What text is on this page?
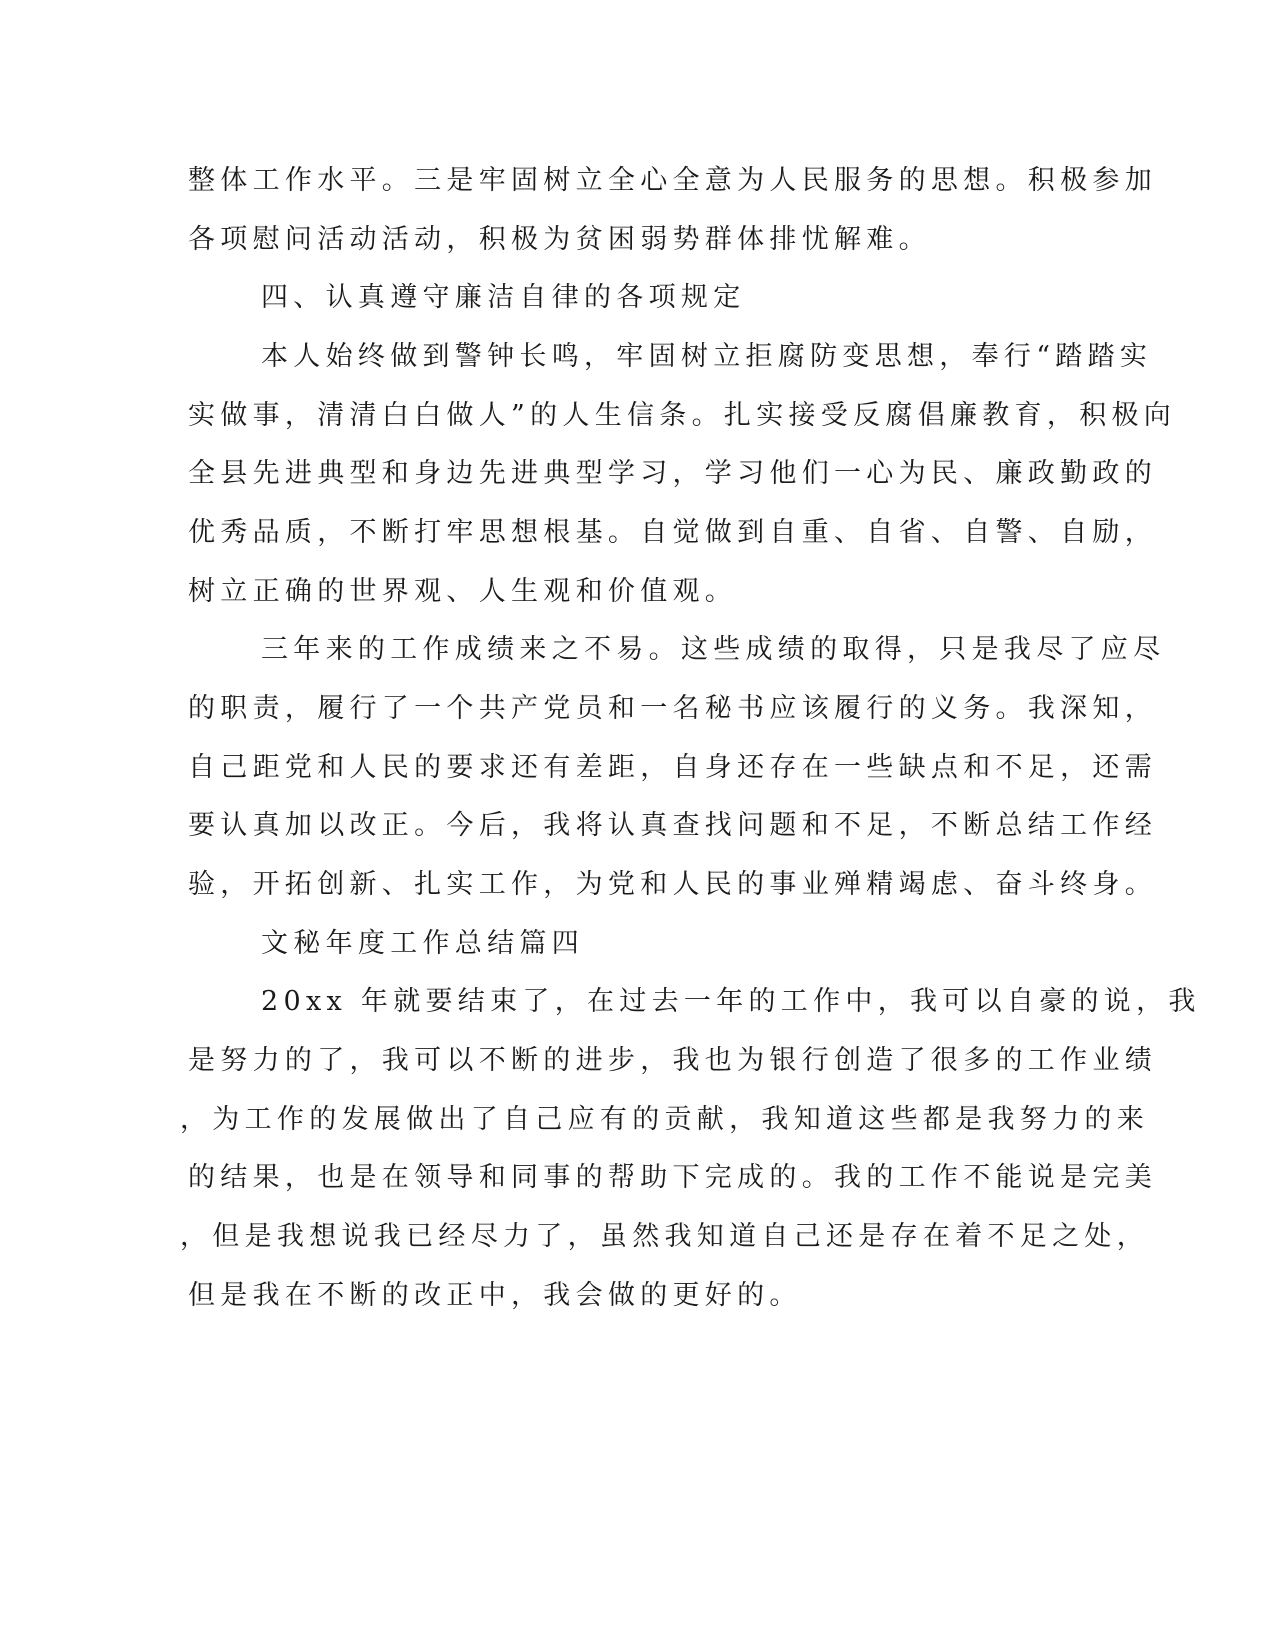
整体工作水平。三是牢固树立全心全意为人民服务的思想。积极参加
各项慰问活动活动，积极为贫困弱势群体排忧解难。
四、认真遵守廉洁自律的各项规定
本人始终做到警钟长鸣，牢固树立拒腐防变思想，奉行“踏踏实
实做事，清清白白做人”的人生信条。扎实接受反腐倡廉教育，积极向
全县先进典型和身边先进典型学习，学习他们一心为民、廉政勤政的
优秀品质，不断打牢思想根基。自觉做到自重、自省、自警、自励，
树立正确的世界观、人生观和价值观。
三年来的工作成绩来之不易。这些成绩的取得，只是我尽了应尽
的职责，履行了一个共产党员和一名秘书应该履行的义务。我深知，
自己距党和人民的要求还有差距，自身还存在一些缺点和不足，还需
要认真加以改正。今后，我将认真查找问题和不足，不断总结工作经
验，开拓创新、扎实工作，为党和人民的事业殚精竭虑、奋斗终身。
文秘年度工作总结篇四
20xx 年就要结束了，在过去一年的工作中，我可以自豪的说，我
是努力的了，我可以不断的进步，我也为银行创造了很多的工作业绩
，为工作的发展做出了自己应有的贡献，我知道这些都是我努力的来
的结果，也是在领导和同事的帮助下完成的。我的工作不能说是完美
，但是我想说我已经尽力了，虽然我知道自己还是存在着不足之处，
但是我在不断的改正中，我会做的更好的。
